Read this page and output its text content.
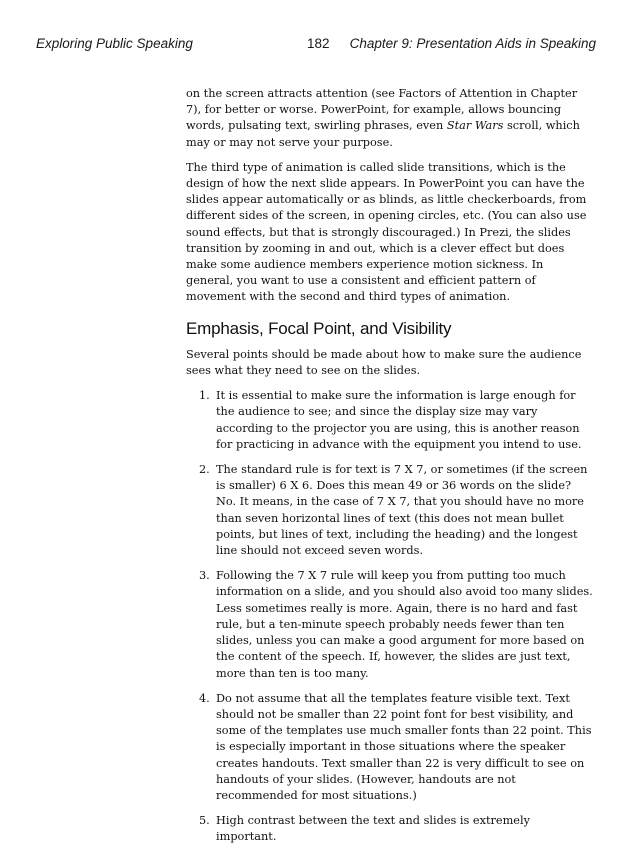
Exploring Public Speaking	182 Chapter 9: Presentation Aids in Speaking

on the screen attracts attention (see Factors of Attention in Chapter 7), for better or worse. PowerPoint, for example, allows bouncing words, pulsating text, swirling phrases, even Star Wars scroll, which may or may not serve your purpose.

The third type of animation is called slide transitions, which is the design of how the next slide appears. In PowerPoint you can have the slides appear automatically or as blinds, as little checkerboards, from different sides of the screen, in opening circles, etc. (You can also use sound effects, but that is strongly discouraged.) In Prezi, the slides transition by zooming in and out, which is a clever effect but does make some audience members experience motion sickness. In general, you want to use a consistent and efficient pattern of movement with the second and third types of animation.

Emphasis, Focal Point, and Visibility

Several points should be made about how to make sure the audience sees what they need to see on the slides.

1. It is essential to make sure the information is large enough for the audience to see; and since the display size may vary according to the projector you are using, this is another reason for practicing in advance with the equipment you intend to use.
2. The standard rule is for text is 7 X 7, or sometimes (if the screen is smaller) 6 X 6. Does this mean 49 or 36 words on the slide? No. It means, in the case of 7 X 7, that you should have no more than seven horizontal lines of text (this does not mean bullet points, but lines of text, including the heading) and the longest line should not exceed seven words.
3. Following the 7 X 7 rule will keep you from putting too much information on a slide, and you should also avoid too many slides. Less sometimes really is more. Again, there is no hard and fast rule, but a ten-minute speech probably needs fewer than ten slides, unless you can make a good argument for more based on the content of the speech. If, however, the slides are just text, more than ten is too many.
4. Do not assume that all the templates feature visible text. Text should not be smaller than 22 point font for best visibility, and some of the templates use much smaller fonts than 22 point. This is especially important in those situations where the speaker creates handouts. Text smaller than 22 is very difficult to see on handouts of your slides. (However, handouts are not recommended for most situations.)
5. High contrast between the text and slides is extremely important.
